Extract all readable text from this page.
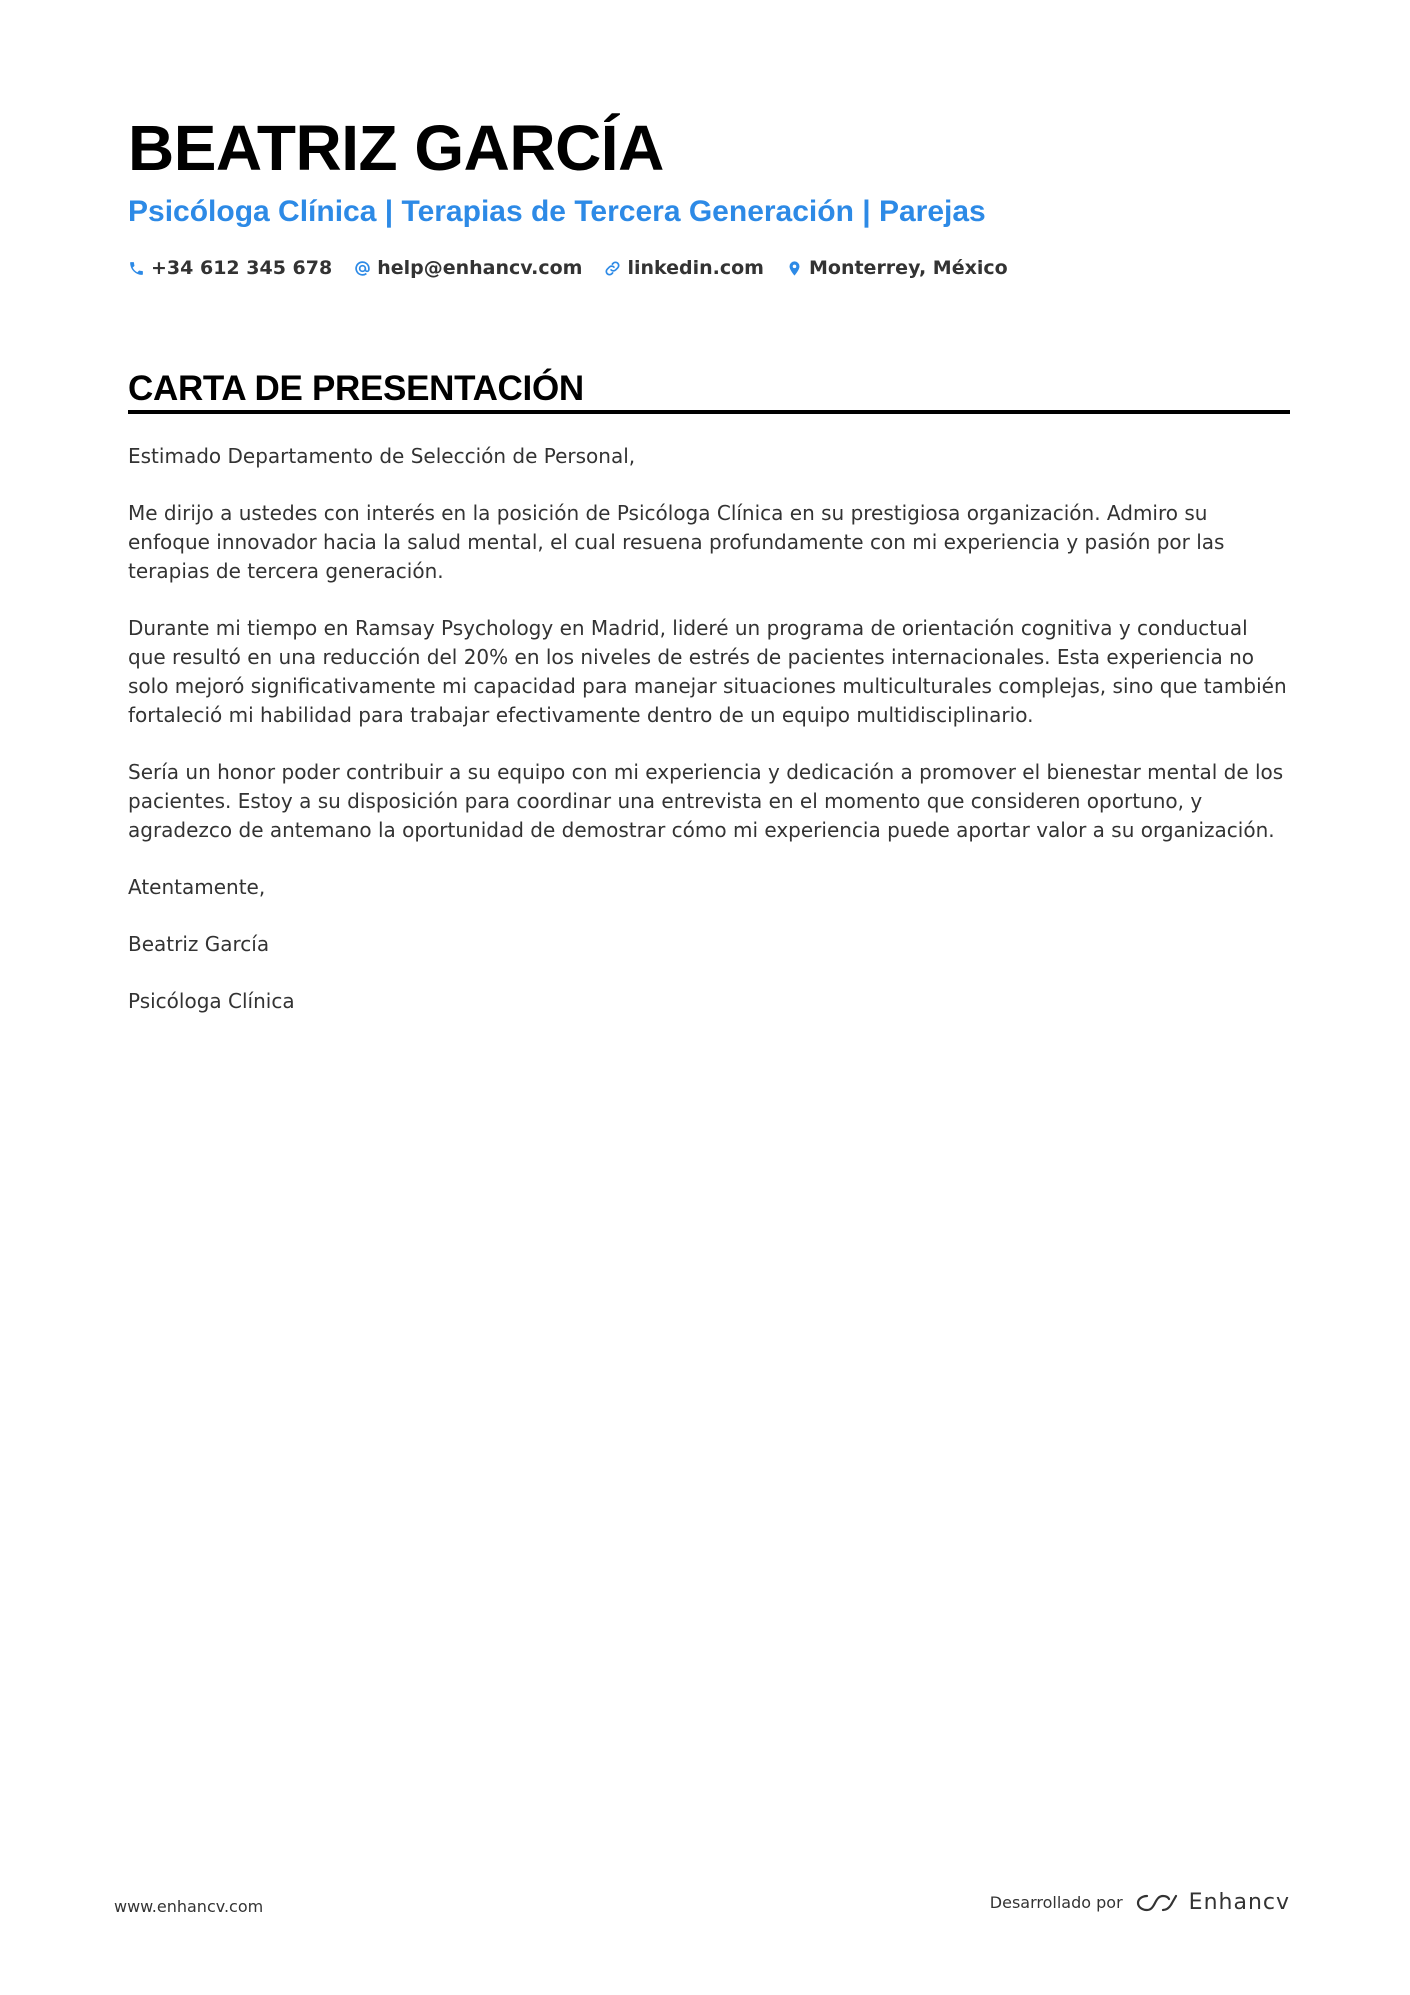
BEATRIZ GARCÍA
Psicóloga Clínica | Terapias de Tercera Generación | Parejas
+34 612 345 678 help@enhancv.com linkedin.com Monterrey, México
CARTA DE PRESENTACIÓN

Estimado Departamento de Selección de Personal,

Me dirijo a ustedes con interés en la posición de Psicóloga Clínica en su prestigiosa organización. Admiro su enfoque innovador hacia la salud mental, el cual resuena profundamente con mi experiencia y pasión por las terapias de tercera generación.

Durante mi tiempo en Ramsay Psychology en Madrid, lideré un programa de orientación cognitiva y conductual que resultó en una reducción del 20% en los niveles de estrés de pacientes internacionales. Esta experiencia no solo mejoró significativamente mi capacidad para manejar situaciones multiculturales complejas, sino que también fortaleció mi habilidad para trabajar efectivamente dentro de un equipo multidisciplinario.

Sería un honor poder contribuir a su equipo con mi experiencia y dedicación a promover el bienestar mental de los pacientes. Estoy a su disposición para coordinar una entrevista en el momento que consideren oportuno, y agradezco de antemano la oportunidad de demostrar cómo mi experiencia puede aportar valor a su organización.

Atentamente,

Beatriz García

Psicóloga Clínica

www.enhancv.com	Desarrollado por	Enhancv
